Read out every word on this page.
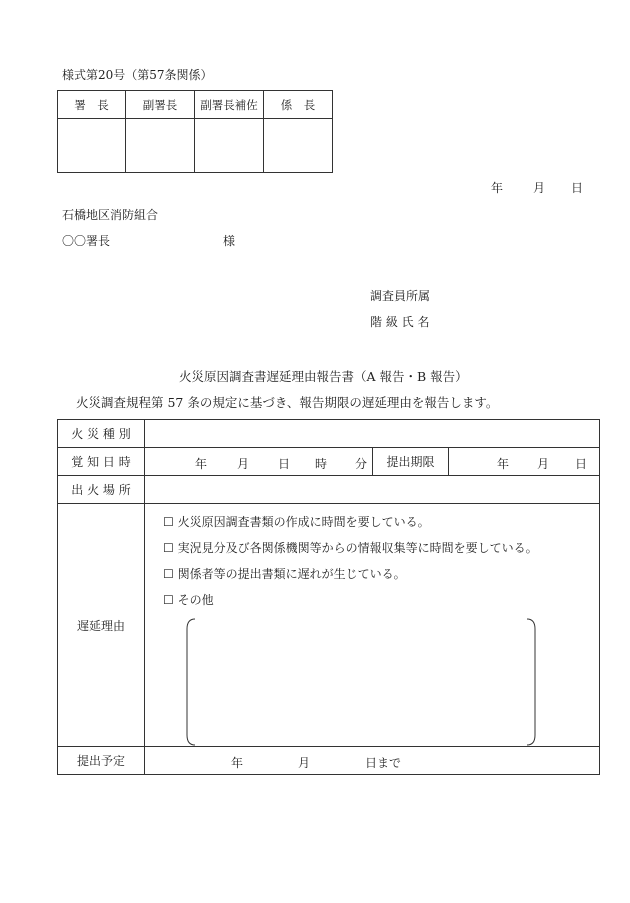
様式第20号（第57条関係）
署　長	副署長	副署長補佐	係　長

年 月 日
石橋地区消防組合
〇〇署長	様
調査員所属
階 級 氏 名
火災原因調査書遅延理由報告書（A 報告・B 報告）
火災調査規程第 57 条の規定に基づき、報告期限の遅延理由を報告します。
火 災 種 別			
覚 知 日 時	年 月 日 時 分	提出期限	年 月 日

出 火 場 所			
遅延理由	☐ 火災原因調査書類の作成に時間を要している。
☐ 実況見分及び各関係機関等からの情報収集等に時間を要している。
☐ 関係者等の提出書類に遅れが生じている。
☐ その他		

提出予定	年 月 日まで		
